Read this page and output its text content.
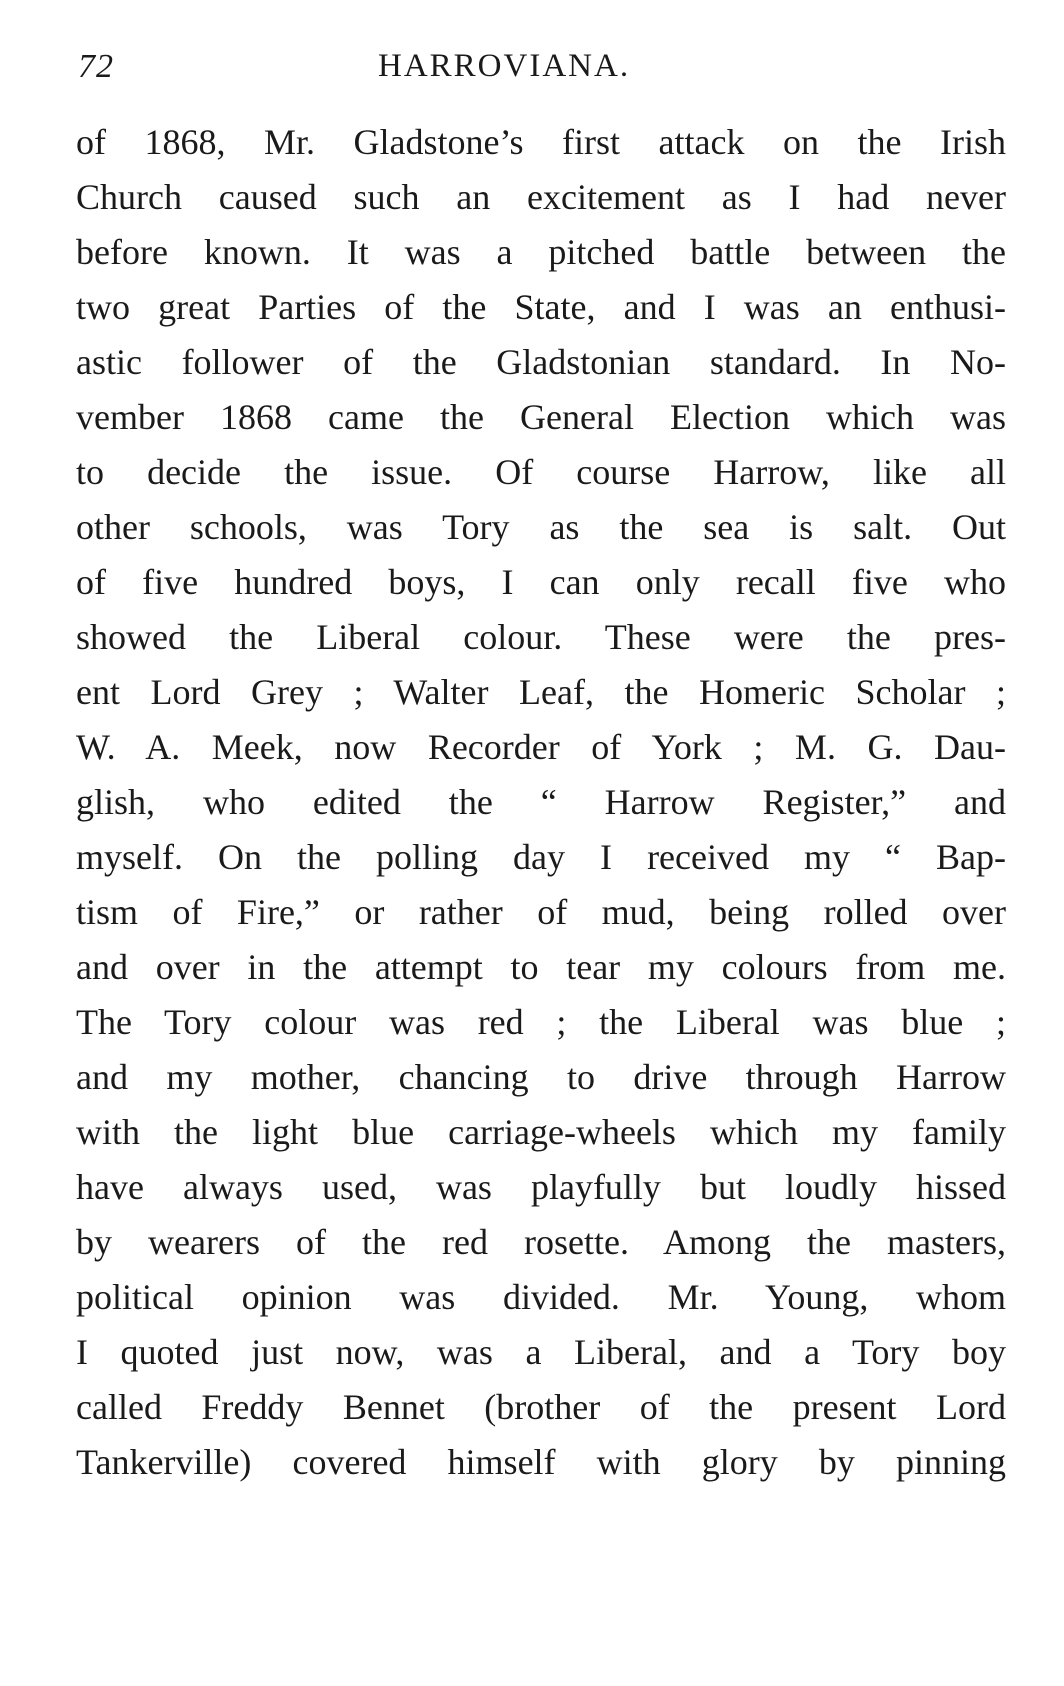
72	HARROVIANA.
of 1868, Mr. Gladstone’s first attack on the Irish
Church caused such an excitement as I had never
before known. It was a pitched battle between the
two great Parties of the State, and I was an enthusi-
astic follower of the Gladstonian standard. In No-
vember 1868 came the General Election which was
to decide the issue. Of course Harrow, like all
other schools, was Tory as the sea is salt. Out
of five hundred boys, I can only recall five who
showed the Liberal colour. These were the pres-
ent Lord Grey ; Walter Leaf, the Homeric Scholar ;
W. A. Meek, now Recorder of York ; M. G. Dau-
glish, who edited the “ Harrow Register,” and
myself. On the polling day I received my “ Bap-
tism of Fire,” or rather of mud, being rolled over
and over in the attempt to tear my colours from me.
The Tory colour was red ; the Liberal was blue ;
and my mother, chancing to drive through Harrow
with the light blue carriage-wheels which my family
have always used, was playfully but loudly hissed
by wearers of the red rosette. Among the masters,
political opinion was divided. Mr. Young, whom
I quoted just now, was a Liberal, and a Tory boy
called Freddy Bennet (brother of the present Lord
Tankerville) covered himself with glory by pinning
